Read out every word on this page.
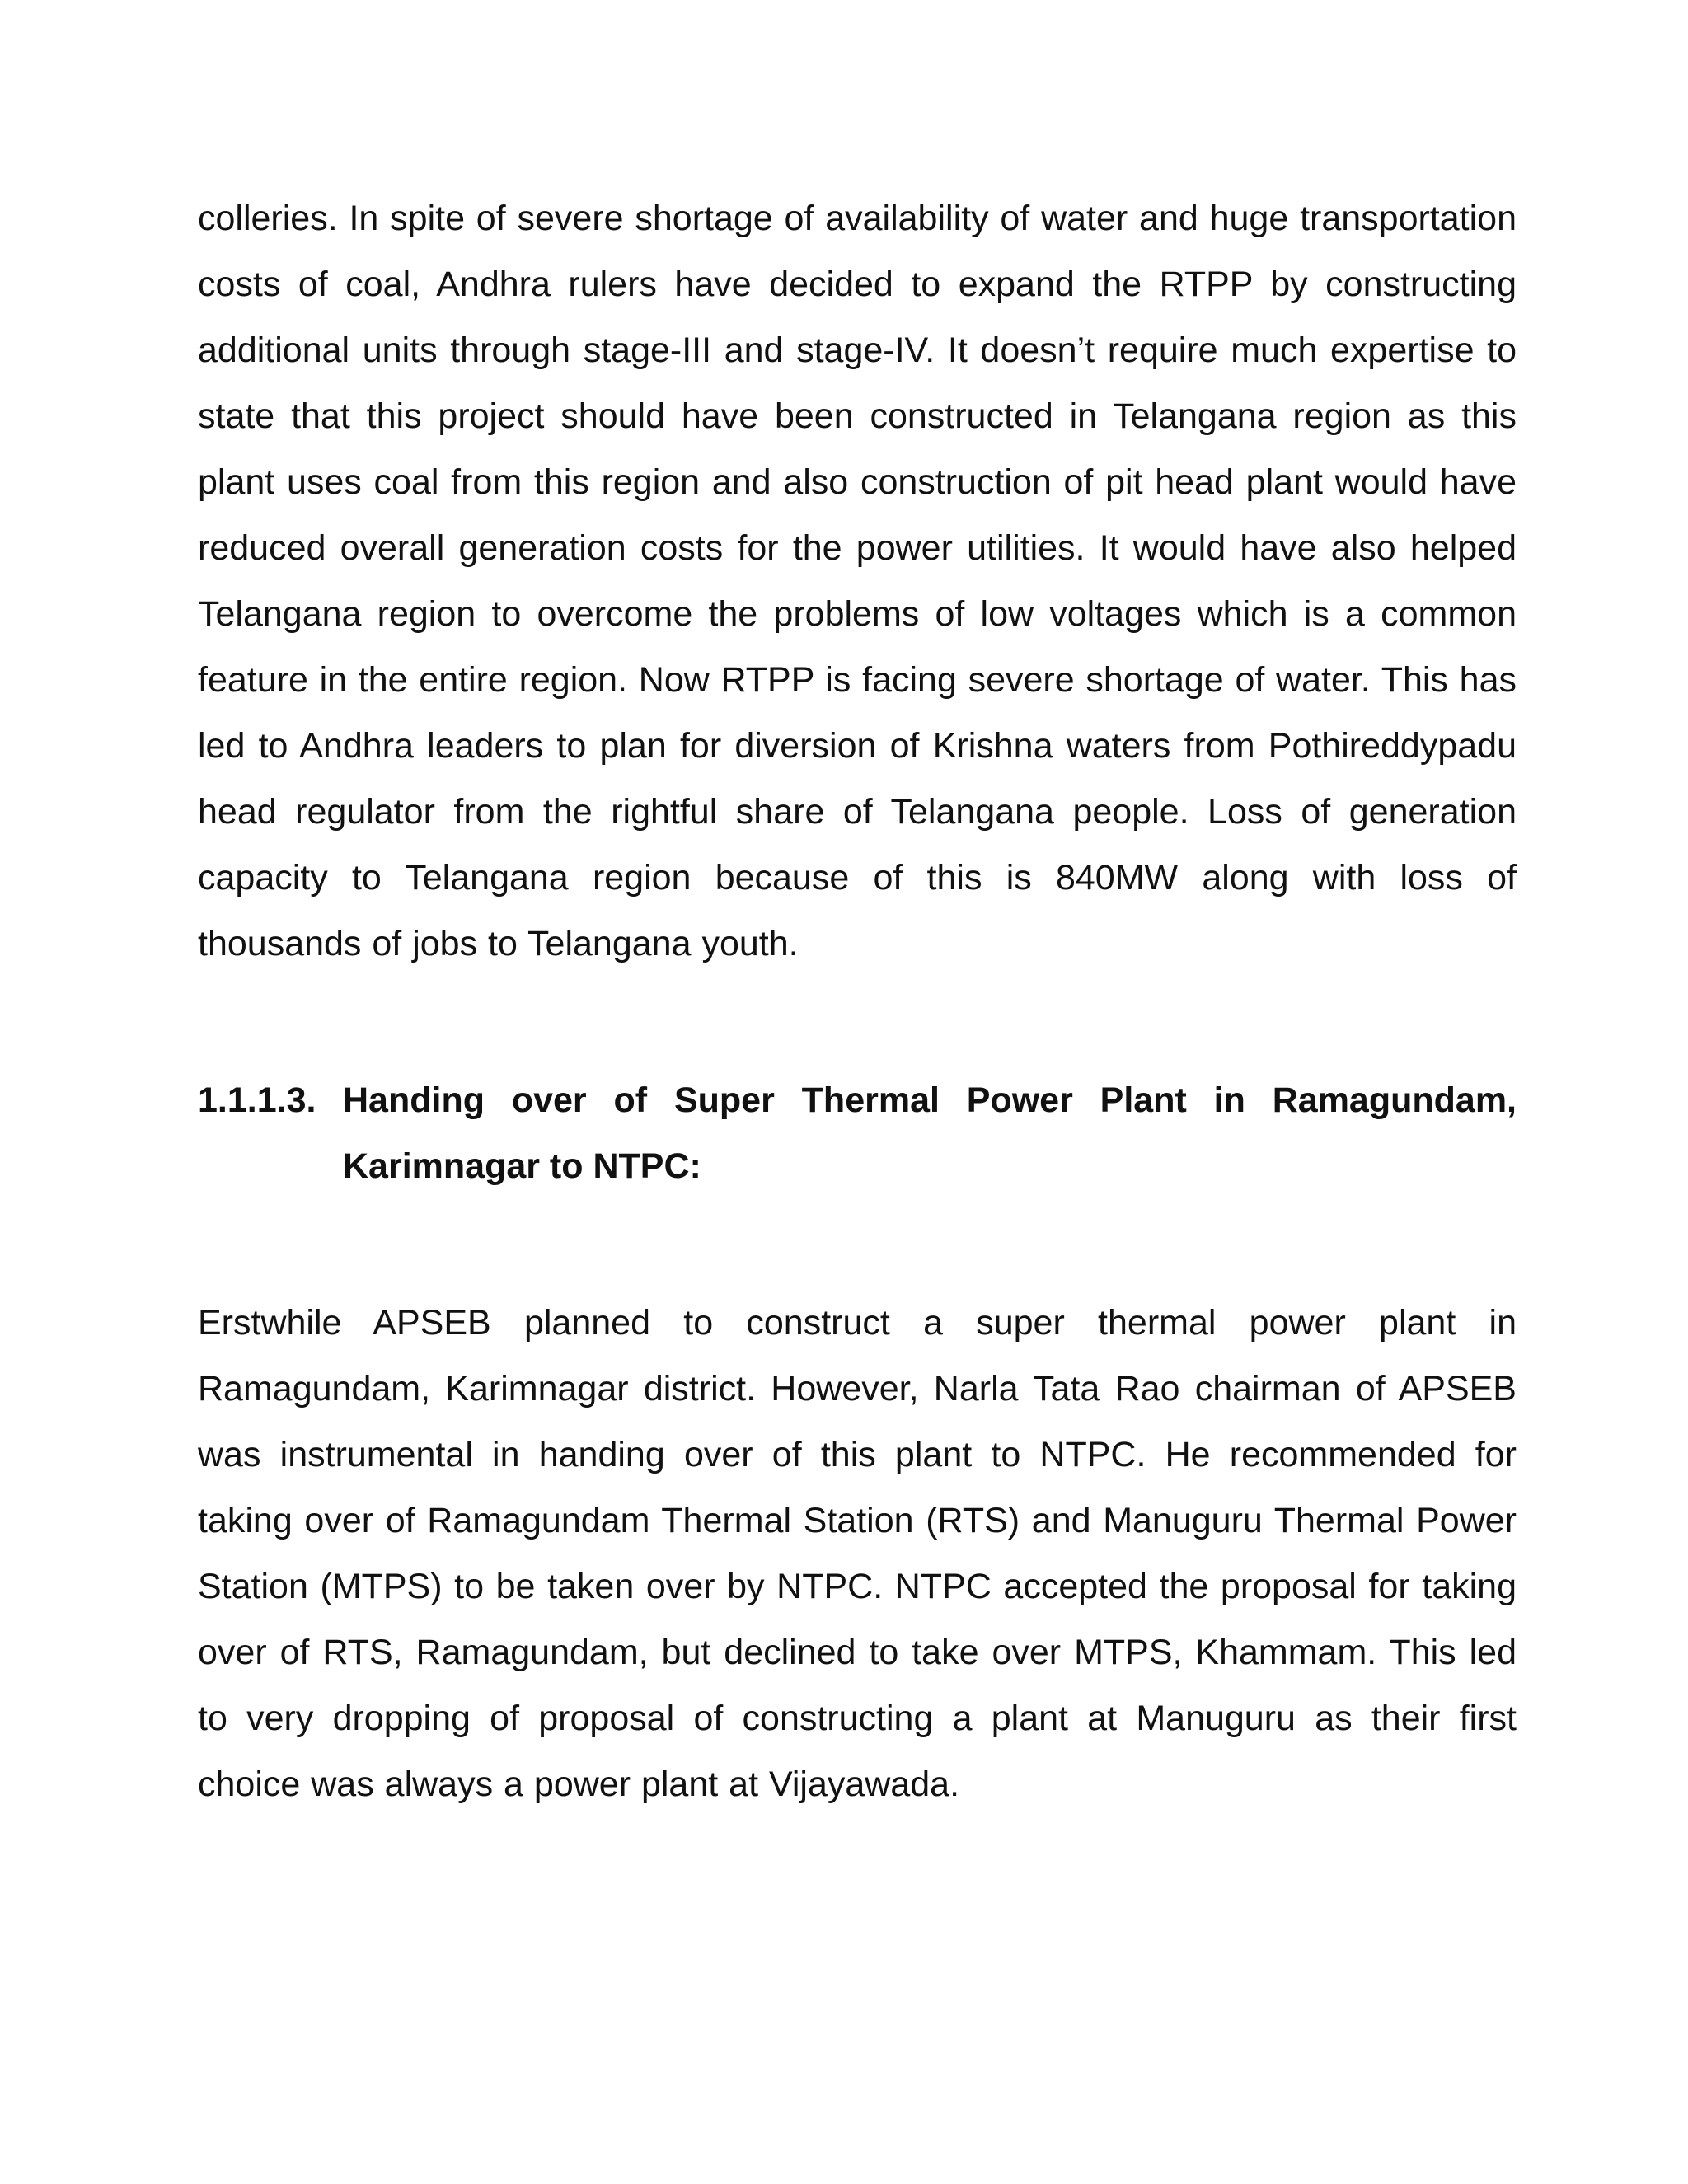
colleries. In spite of severe shortage of availability of water and huge transportation costs of coal, Andhra rulers have decided to expand the RTPP by constructing additional units through stage-III and stage-IV. It doesn’t require much expertise to state that this project should have been constructed in Telangana region as this plant uses coal from this region and also construction of pit head plant would have reduced overall generation costs for the power utilities. It would have also helped Telangana region to overcome the problems of low voltages which is a common feature in the entire region. Now RTPP is facing severe shortage of water. This has led to Andhra leaders to plan for diversion of Krishna waters from Pothireddypadu head regulator from the rightful share of Telangana people. Loss of generation capacity to Telangana region because of this is 840MW along with loss of thousands of jobs to Telangana youth.

1.1.1.3. Handing over of Super Thermal Power Plant in Ramagundam, Karimnagar to NTPC:

Erstwhile APSEB planned to construct a super thermal power plant in Ramagundam, Karimnagar district. However, Narla Tata Rao chairman of APSEB was instrumental in handing over of this plant to NTPC. He recommended for taking over of Ramagundam Thermal Station (RTS) and Manuguru Thermal Power Station (MTPS) to be taken over by NTPC. NTPC accepted the proposal for taking over of RTS, Ramagundam, but declined to take over MTPS, Khammam. This led to very dropping of proposal of constructing a plant at Manuguru as their first choice was always a power plant at Vijayawada.
